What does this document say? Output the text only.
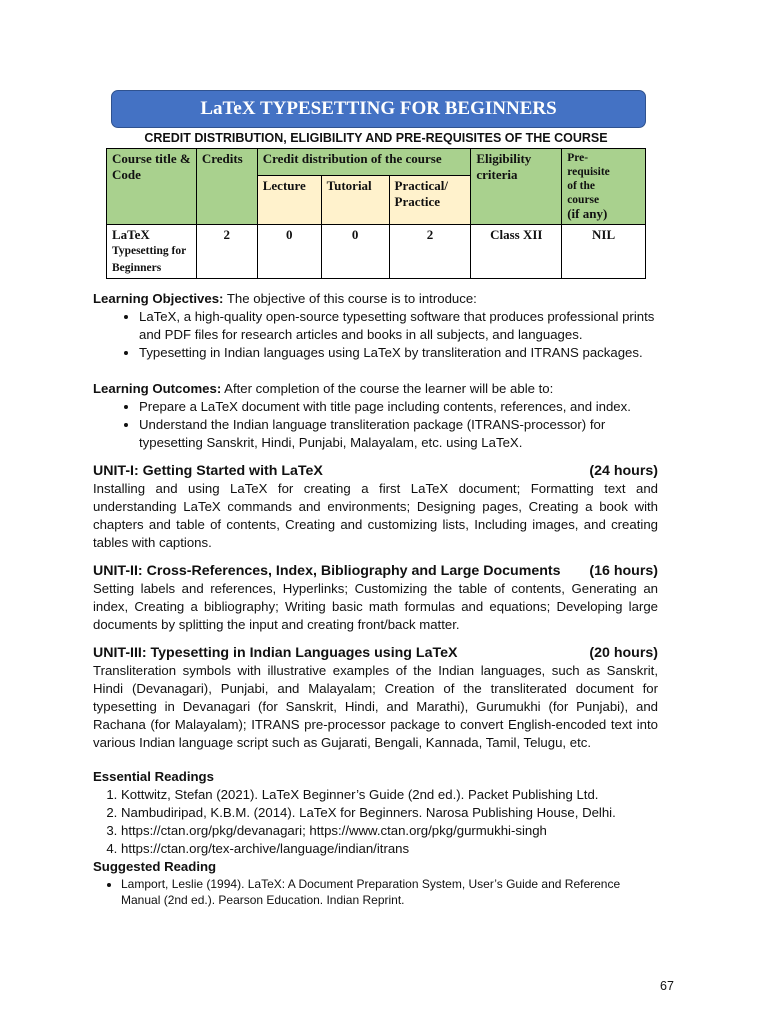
LaTeX TYPESETTING FOR BEGINNERS
CREDIT DISTRIBUTION, ELIGIBILITY AND PRE-REQUISITES OF THE COURSE
Course title & Code	Credits	Credit distribution of the course			Eligibility criteria	Pre-
requisite
of the
course
(if any)
		Lecture	Tutorial	Practical/ Practice		
LaTeX
Typesetting for Beginners	2	0	0	2	Class XII	NIL

Learning Objectives: The objective of this course is to introduce:

• LaTeX, a high-quality open-source typesetting software that produces professional prints and PDF files for research articles and books in all subjects, and languages.
• Typesetting in Indian languages using LaTeX by transliteration and ITRANS packages.

Learning Outcomes: After completion of the course the learner will be able to:

• Prepare a LaTeX document with title page including contents, references, and index.
• Understand the Indian language transliteration package (ITRANS-processor) for typesetting Sanskrit, Hindi, Punjabi, Malayalam, etc. using LaTeX.
UNIT-I: Getting Started with LaTeX	(24 hours)

Installing and using LaTeX for creating a first LaTeX document; Formatting text and understanding LaTeX commands and environments; Designing pages, Creating a book with chapters and table of contents, Creating and customizing lists, Including images, and creating tables with captions.

UNIT-II: Cross-References, Index, Bibliography and Large Documents (16 hours)

Setting labels and references, Hyperlinks; Customizing the table of contents, Generating an index, Creating a bibliography; Writing basic math formulas and equations; Developing large documents by splitting the input and creating front/back matter.

UNIT-III: Typesetting in Indian Languages using LaTeX	(20 hours)

Transliteration symbols with illustrative examples of the Indian languages, such as Sanskrit, Hindi (Devanagari), Punjabi, and Malayalam; Creation of the transliterated document for typesetting in Devanagari (for Sanskrit, Hindi, and Marathi), Gurumukhi (for Punjabi), and Rachana (for Malayalam); ITRANS pre-processor package to convert English-encoded text into various Indian language script such as Gujarati, Bengali, Kannada, Tamil, Telugu, etc.

Essential Readings

1. Kottwitz, Stefan (2021). LaTeX Beginner’s Guide (2nd ed.). Packet Publishing Ltd.
2. Nambudiripad, K.B.M. (2014). LaTeX for Beginners. Narosa Publishing House, Delhi.
3. https://ctan.org/pkg/devanagari; https://www.ctan.org/pkg/gurmukhi-singh
4. https://ctan.org/tex-archive/language/indian/itrans

Suggested Reading

• Lamport, Leslie (1994). LaTeX: A Document Preparation System, User’s Guide and Reference Manual (2nd ed.). Pearson Education. Indian Reprint.
67
